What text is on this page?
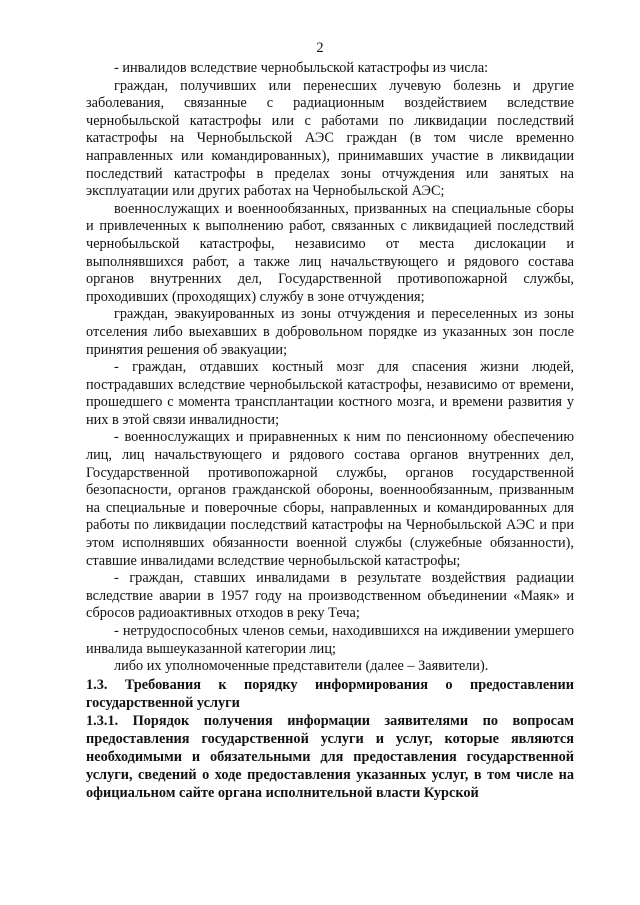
2

- инвалидов вследствие чернобыльской катастрофы из числа:

граждан, получивших или перенесших лучевую болезнь и другие заболевания, связанные с радиационным воздействием вследствие чернобыльской катастрофы или с работами по ликвидации последствий катастрофы на Чернобыльской АЭС граждан (в том числе временно направленных или командированных), принимавших участие в ликвидации последствий катастрофы в пределах зоны отчуждения или занятых на эксплуатации или других работах на Чернобыльской АЭС;

военнослужащих и военнообязанных, призванных на специальные сборы и привлеченных к выполнению работ, связанных с ликвидацией последствий чернобыльской катастрофы, независимо от места дислокации и выполнявшихся работ, а также лиц начальствующего и рядового состава органов внутренних дел, Государственной противопожарной службы, проходивших (проходящих) службу в зоне отчуждения;

граждан, эвакуированных из зоны отчуждения и переселенных из зоны отселения либо выехавших в добровольном порядке из указанных зон после принятия решения об эвакуации;

- граждан, отдавших костный мозг для спасения жизни людей, пострадавших вследствие чернобыльской катастрофы, независимо от времени, прошедшего с момента трансплантации костного мозга, и времени развития у них в этой связи инвалидности;

- военнослужащих и приравненных к ним по пенсионному обеспечению лиц, лиц начальствующего и рядового состава органов внутренних дел, Государственной противопожарной службы, органов государственной безопасности, органов гражданской обороны, военнообязанным, призванным на специальные и поверочные сборы, направленных и командированных для работы по ликвидации последствий катастрофы на Чернобыльской АЭС и при этом исполнявших обязанности военной службы (служебные обязанности), ставшие инвалидами вследствие чернобыльской катастрофы;

- граждан, ставших инвалидами в результате воздействия радиации вследствие аварии в 1957 году на производственном объединении «Маяк» и сбросов радиоактивных отходов в реку Теча;

- нетрудоспособных членов семьи, находившихся на иждивении умершего инвалида вышеуказанной категории лиц;

либо их уполномоченные представители (далее – Заявители).

1.3. Требования к порядку информирования о предоставлении государственной услуги

1.3.1. Порядок получения информации заявителями по вопросам предоставления государственной услуги и услуг, которые являются необходимыми и обязательными для предоставления государственной услуги, сведений о ходе предоставления указанных услуг, в том числе на официальном сайте органа исполнительной власти Курской
